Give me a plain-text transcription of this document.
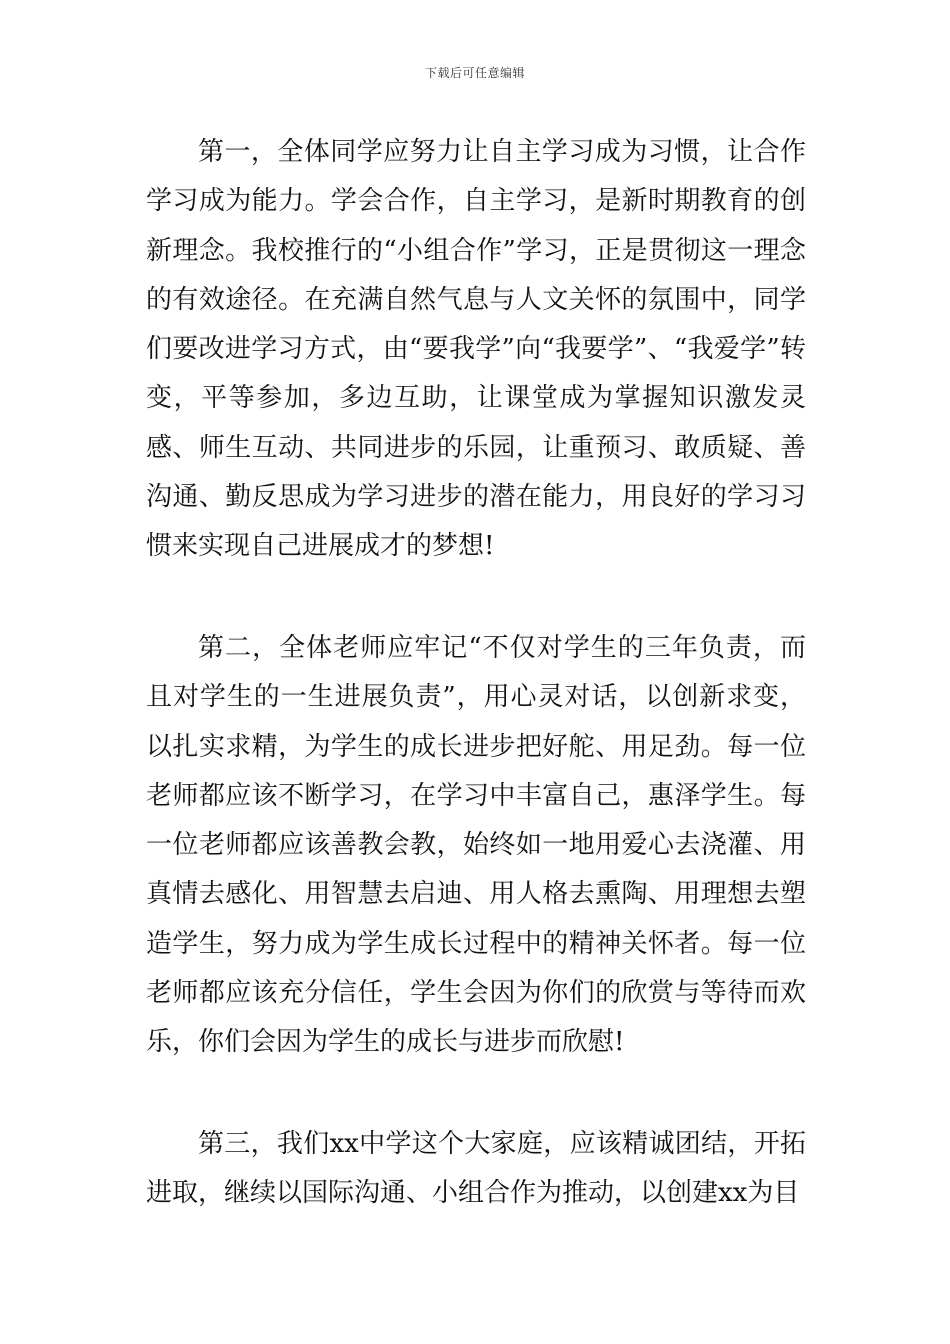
下载后可任意编辑

第一，全体同学应努力让自主学习成为习惯，让合作学习成为能力。学会合作，自主学习，是新时期教育的创新理念。我校推行的“小组合作”学习，正是贯彻这一理念的有效途径。在充满自然气息与人文关怀的氛围中，同学们要改进学习方式，由“要我学”向“我要学”、“我爱学”转变，平等参加，多边互助，让课堂成为掌握知识激发灵感、师生互动、共同进步的乐园，让重预习、敢质疑、善沟通、勤反思成为学习进步的潜在能力，用良好的学习习惯来实现自己进展成才的梦想!

第二，全体老师应牢记“不仅对学生的三年负责，而且对学生的一生进展负责”，用心灵对话，以创新求变，以扎实求精，为学生的成长进步把好舵、用足劲。每一位老师都应该不断学习，在学习中丰富自己，惠泽学生。每一位老师都应该善教会教，始终如一地用爱心去浇灌、用真情去感化、用智慧去启迪、用人格去熏陶、用理想去塑造学生，努力成为学生成长过程中的精神关怀者。每一位老师都应该充分信任，学生会因为你们的欣赏与等待而欢乐，你们会因为学生的成长与进步而欣慰!

第三，我们xx中学这个大家庭，应该精诚团结，开拓进取，继续以国际沟通、小组合作为推动，以创建xx为目
